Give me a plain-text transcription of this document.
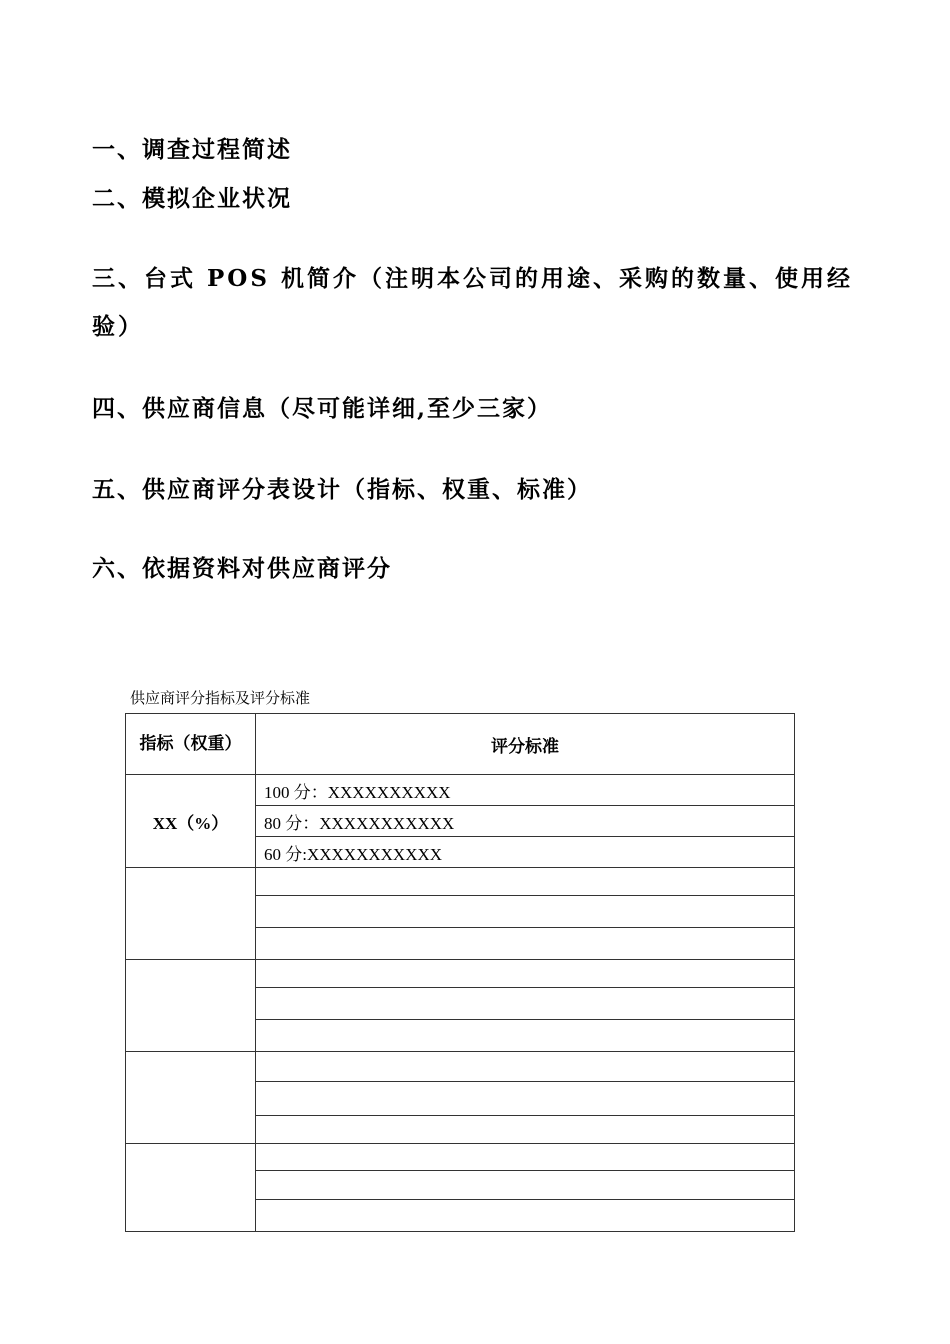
一、调查过程简述

二、模拟企业状况

三、台式 POS 机简介（注明本公司的用途、采购的数量、使用经验）

四、供应商信息（尽可能详细,至少三家）

五、供应商评分表设计（指标、权重、标准）

六、依据资料对供应商评分

供应商评分指标及评分标准
指标（权重）	评分标准
XX（%）	100 分：XXXXXXXXXX
	80 分：XXXXXXXXXXX
	60 分:XXXXXXXXXXX
